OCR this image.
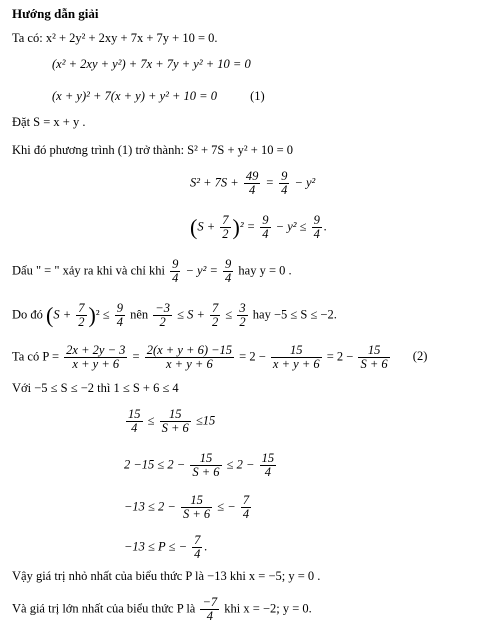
Hướng dẫn giải
Ta có: x² + 2y² + 2xy + 7x + 7y + 10 = 0.
(x² + 2xy + y²) + 7x + 7y + y² + 10 = 0
(x + y)² + 7(x + y) + y² + 10 = 0	(1)
Đặt S = x + y .
Khi đó phương trình (1) trở thành: S² + 7S + y² + 10 = 0
$S^2 + 7S + \frac{49}{4} = \frac{9}{4} - y^2$
$(S + \frac{7}{2} )^2 = \frac{9}{4} - y^2 \le \frac{9}{4}$ .
Dấu " = " xảy ra khi và chỉ khi $\frac{9}{4} - y^2 = \frac{9}{4}$ hay y = 0 .
Do đó $(S + \frac{7}{2} )^2 \le \frac{9}{4}$ nên $\frac{-3}{2} \le S + \frac{7}{2} \le \frac{3}{2}$ hay −5 ≤ S ≤ −2.
Ta có $P = \frac{2x + 2y - 3}{x + y + 6} = \frac{2(x + y + 6) -15}{x + y + 6} = 2 - \frac{15}{x + y + 6} = 2 - \frac{15}{S + 6} (2)$
Với −5 ≤ S ≤ −2 thì 1 ≤ S + 6 ≤ 4
$\frac{15}{4} \le \frac{15}{S + 6} \le 15$
$2 -15 \le 2 - \frac{15}{S + 6} \le 2 - \frac{15}{4}$
$-13 \le 2 - \frac{15}{S + 6}$ ≤ − $\frac{7}{4}$
−13 ≤ P ≤ − $\frac{7}{4}$ .
Vậy giá trị nhỏ nhất của biểu thức P là −13 khi x = −5; y = 0 .
Và giá trị lớn nhất của biểu thức P là $\frac{-7}{4}$ khi x = −2; y = 0.
